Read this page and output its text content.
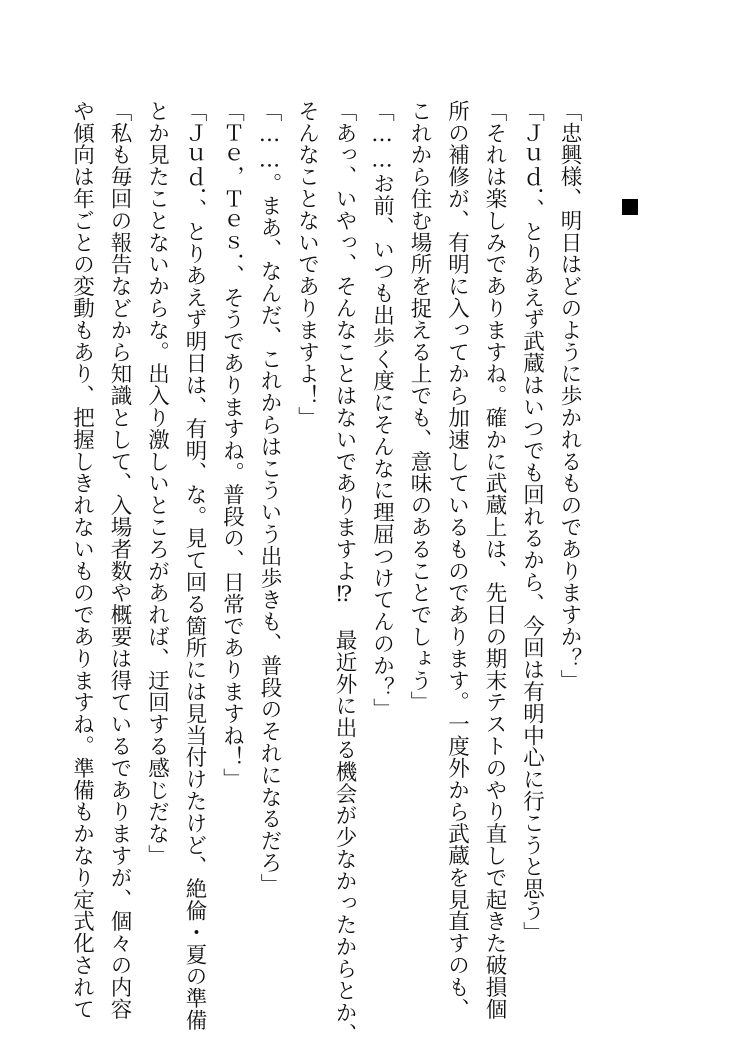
「忠興様、明日はどのように歩かれるものでありますか？」

「Ｊｕｄ．、とりあえず武蔵はいつでも回れるから、今回は有明中心に行こうと思う」

「それは楽しみでありますね。確かに武蔵上は、先日の期末テストのやり直しで起きた破損個

所の補修が、有明に入ってから加速しているものであります。一度外から武蔵を見直すのも、

これから住む場所を捉える上でも、意味のあることでしょう」

「……お前、いつも出歩く度にそんなに理屈つけてんのか？」

「あっ、いやっ、そんなことはないでありますよ⁉　最近外に出る機会が少なかったからとか、

そんなことないでありますよ！」

「……。まあ、なんだ、これからはこういう出歩きも、普段のそれになるだろ」

「Ｔｅ，Ｔｅｓ．、そうでありますね。普段の、日常でありますね！」

「Ｊｕｄ．、とりあえず明日は、有明、な。見て回る箇所には見当付けたけど、絶倫・夏の準備

とか見たことないからな。出入り激しいところがあれば、迂回する感じだな」

「私も毎回の報告などから知識として、入場者数や概要は得ているでありますが、個々の内容

や傾向は年ごとの変動もあり、把握しきれないものでありますね。準備もかなり定式化されて
